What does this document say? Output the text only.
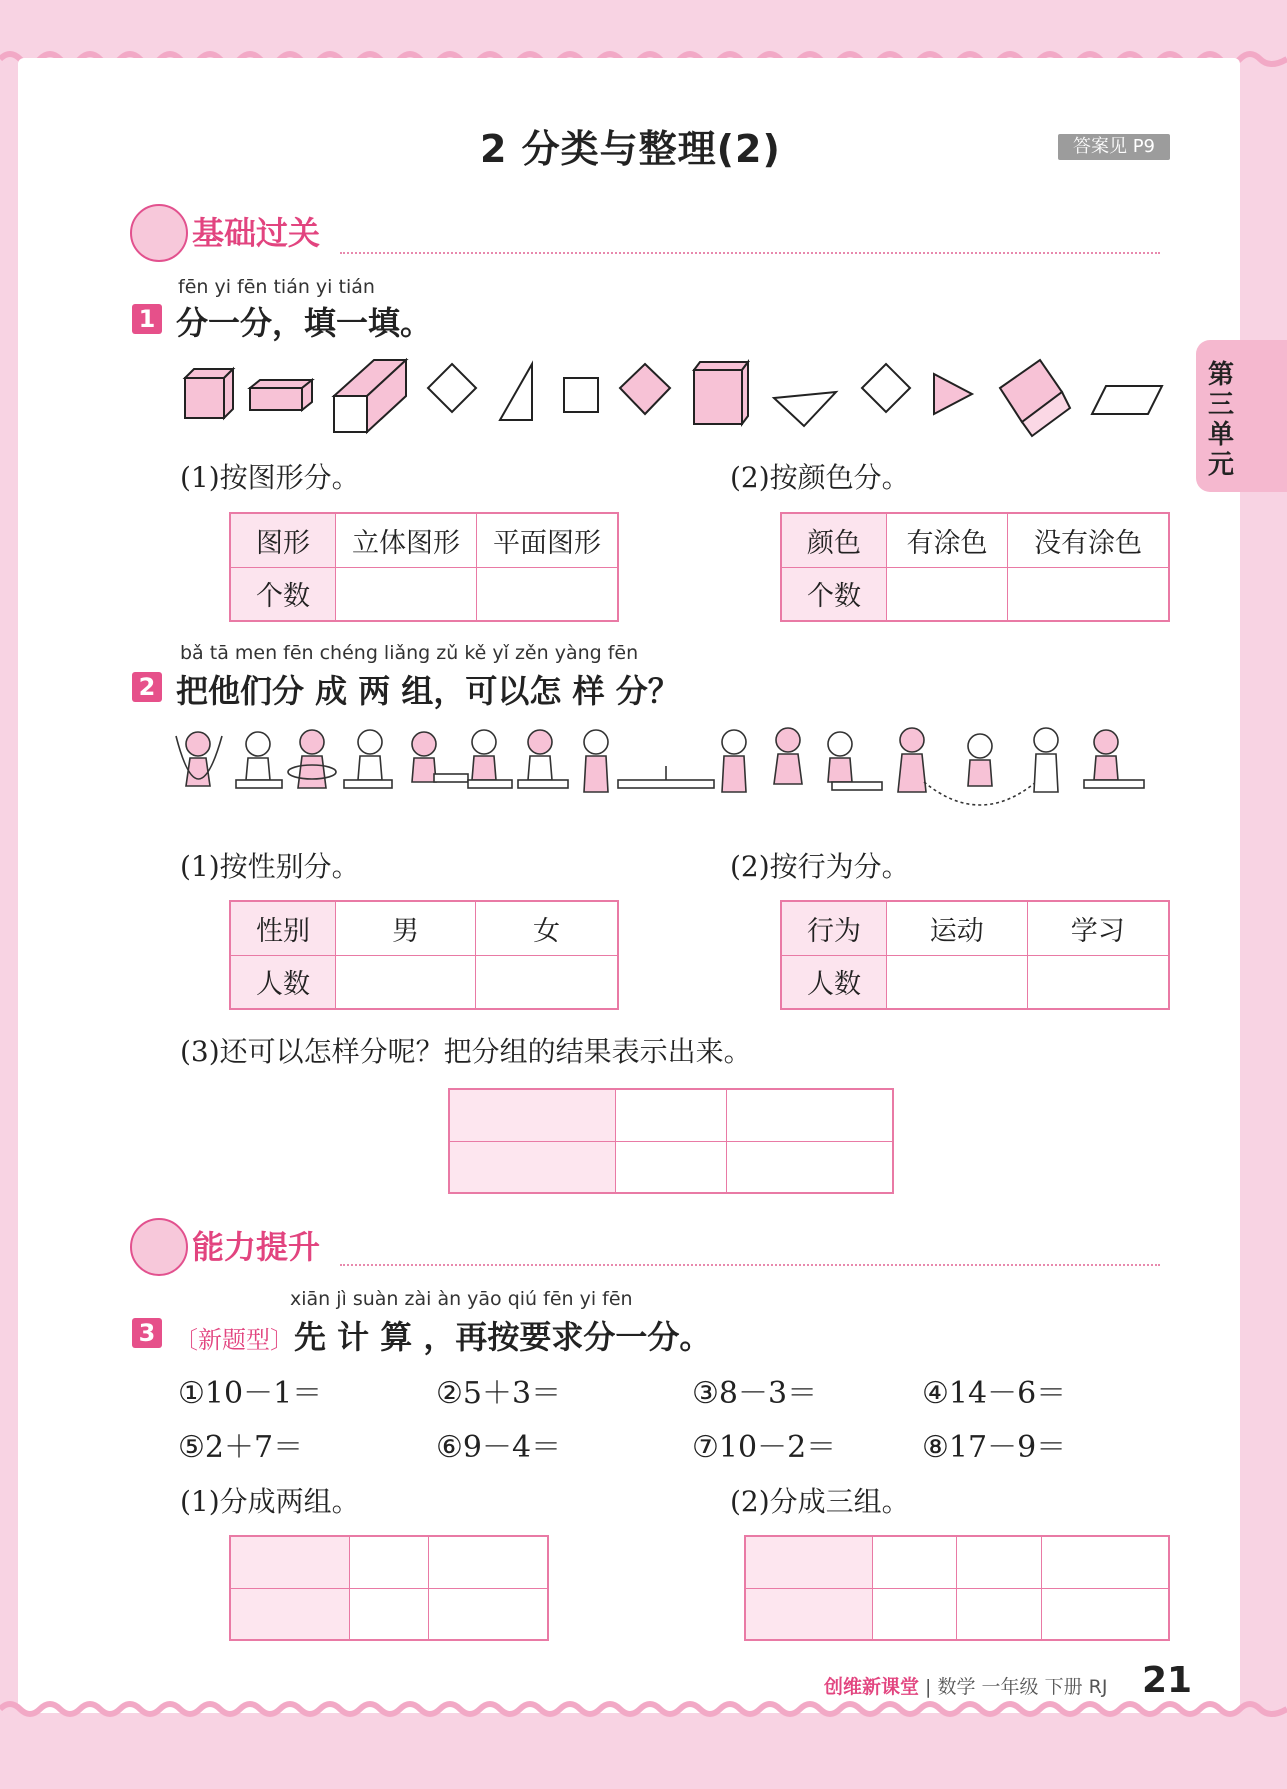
2 分类与整理(2)	答案见 P9
第三单元
基础过关
fēn yi fēn tián yi tián
1 分一分，填一填。
(1)按图形分。	(2)按颜色分。
图形	立体图形	平面图形
个数		
颜色	有涂色	没有涂色
个数		
bǎ tā men fēn chéng liǎng zǔ kě yǐ zěn yàng fēn
2 把他们分 成 两 组，可以怎 样 分？
(1)按性别分。	(2)按行为分。
性别	男	女
人数		
行为	运动	学习
人数		
(3)还可以怎样分呢？把分组的结果表示出来。

能力提升
xiān jì suàn zài àn yāo qiú fēn yi fēn
3 〔新题型〕先 计 算 ，再按要求分一分。
①10－1＝	②5＋3＝	③8－3＝	④14－6＝
⑤2＋7＝	⑥9－4＝	⑦10－2＝	⑧17－9＝
(1)分成两组。	(2)分成三组。

创维新课堂 | 数学 一年级 下册 RJ 21
